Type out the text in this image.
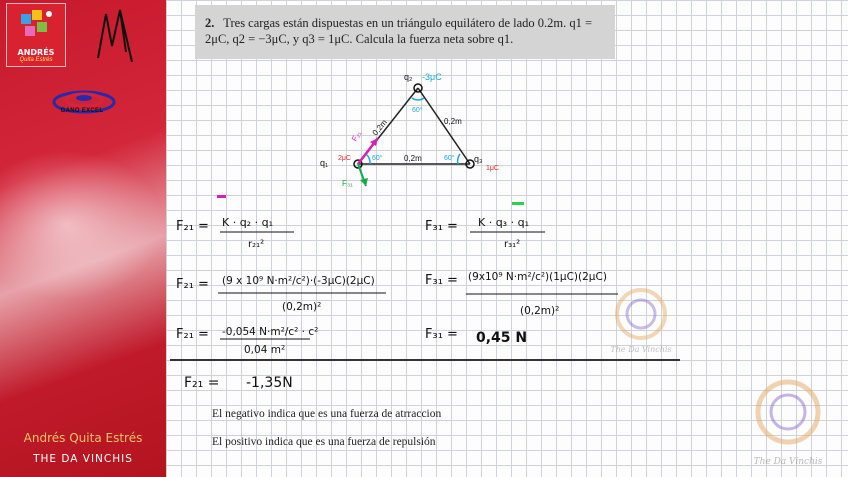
ANDRÉS
Quita Estrés
GANO EXCEL
Andrés Quita Estrés
THE DA VINCHIS
2. Tres cargas están dispuestas en un triángulo equilátero de lado 0.2m. q1 = 2μC, q2 = −3μC, y q3 = 1μC. Calcula la fuerza neta sobre q1.
q₂ -3μC
60°
0,2m	0,2m
0,2m
60°	60°
q₁ 2μC	q₃
1μC
F₂₁
F₃₁
F₂₁ = K · q₂ · q₁
r₂₁²
F₃₁ = K · q₃ · q₁
r₃₁²
F₂₁ = (9 x 10⁹ N·m²/c²)·(-3μC)(2μC)
(0,2m)²
F₃₁ = (9x10⁹ N·m²/c²)(1μC)(2μC)
(0,2m)²
F₂₁ = -0,054 N·m²/c² · c²
0,04 m²
F₃₁ = 0,45 N
F₂₁ = -1,35N
El negativo indica que es una fuerza de atrraccion
El positivo indica que es una fuerza de repulsión
The Da Vinchis
The Da Vinchis
